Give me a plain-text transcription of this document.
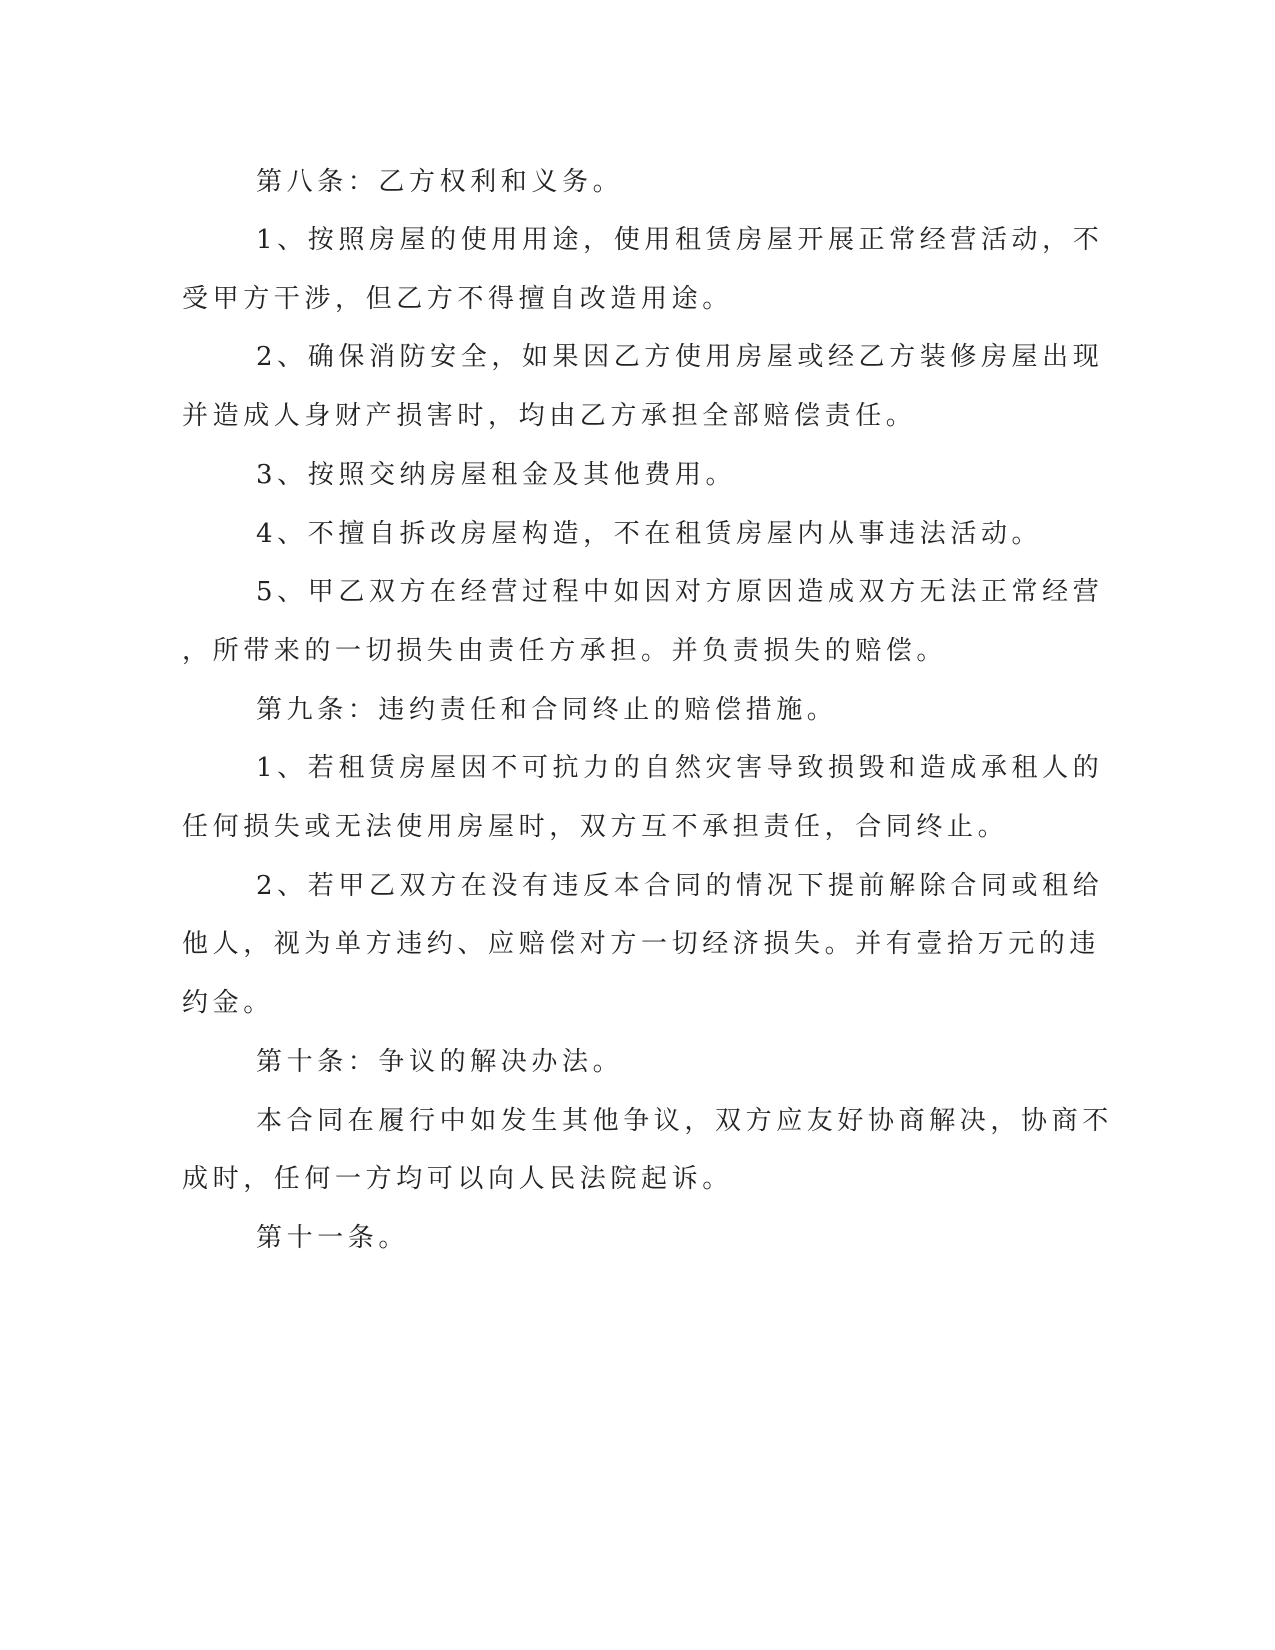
第八条：乙方权利和义务。

1、按照房屋的使用用途，使用租赁房屋开展正常经营活动，不

受甲方干涉，但乙方不得擅自改造用途。

2、确保消防安全，如果因乙方使用房屋或经乙方装修房屋出现

并造成人身财产损害时，均由乙方承担全部赔偿责任。

3、按照交纳房屋租金及其他费用。

4、不擅自拆改房屋构造，不在租赁房屋内从事违法活动。

5、甲乙双方在经营过程中如因对方原因造成双方无法正常经营

，所带来的一切损失由责任方承担。并负责损失的赔偿。

第九条：违约责任和合同终止的赔偿措施。

1、若租赁房屋因不可抗力的自然灾害导致损毁和造成承租人的

任何损失或无法使用房屋时，双方互不承担责任，合同终止。

2、若甲乙双方在没有违反本合同的情况下提前解除合同或租给

他人，视为单方违约、应赔偿对方一切经济损失。并有壹拾万元的违

约金。

第十条：争议的解决办法。

本合同在履行中如发生其他争议，双方应友好协商解决，协商不

成时，任何一方均可以向人民法院起诉。

第十一条。
